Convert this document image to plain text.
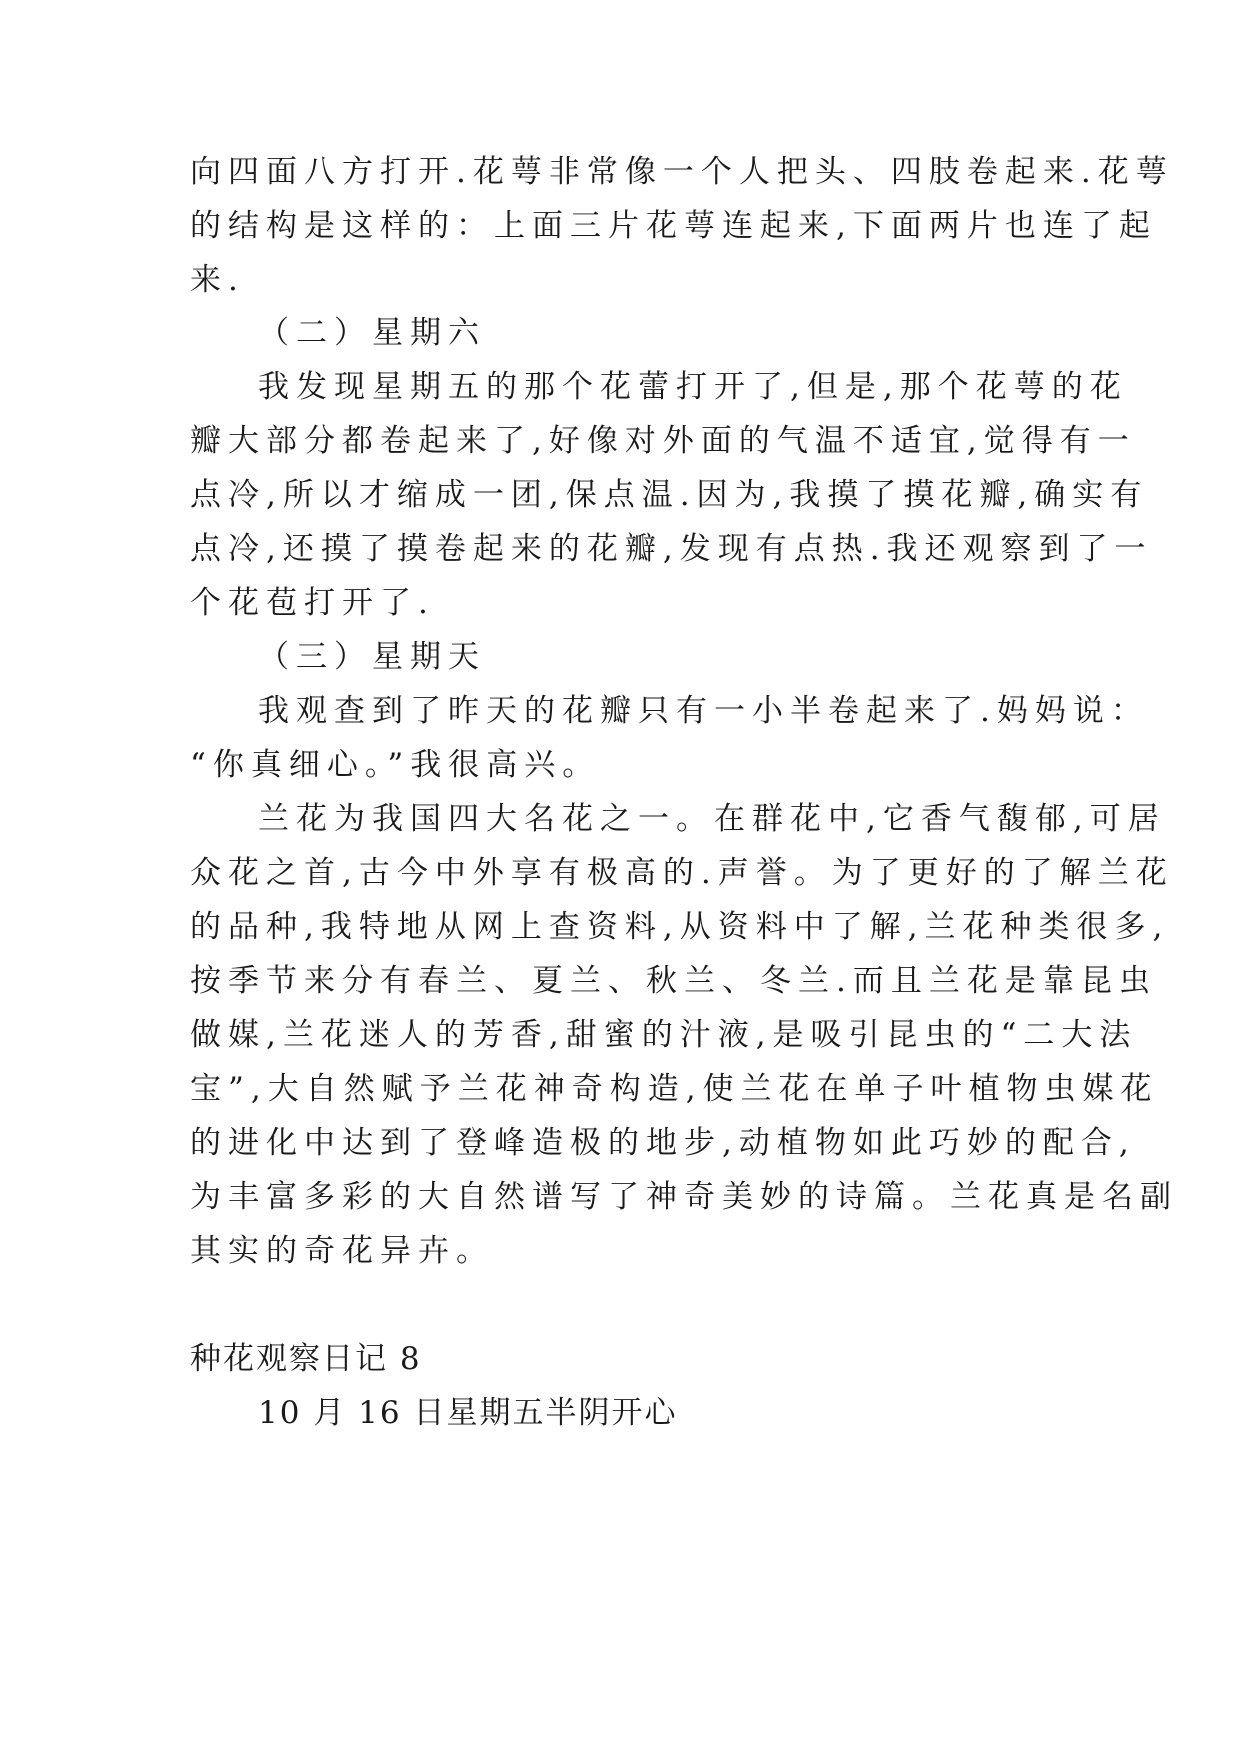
向四面八方打开.花萼非常像一个人把头、四肢卷起来.花萼
的结构是这样的：上面三片花萼连起来,下面两片也连了起
来.
（二）星期六
我发现星期五的那个花蕾打开了,但是,那个花萼的花
瓣大部分都卷起来了,好像对外面的气温不适宜,觉得有一
点冷,所以才缩成一团,保点温.因为,我摸了摸花瓣,确实有
点冷,还摸了摸卷起来的花瓣,发现有点热.我还观察到了一
个花苞打开了.
（三）星期天
我观查到了昨天的花瓣只有一小半卷起来了.妈妈说：
“你真细心。”我很高兴。
兰花为我国四大名花之一。在群花中,它香气馥郁,可居
众花之首,古今中外享有极高的.声誉。为了更好的了解兰花
的品种,我特地从网上查资料,从资料中了解,兰花种类很多,
按季节来分有春兰、夏兰、秋兰、冬兰.而且兰花是靠昆虫
做媒,兰花迷人的芳香,甜蜜的汁液,是吸引昆虫的“二大法
宝”,大自然赋予兰花神奇构造,使兰花在单子叶植物虫媒花
的进化中达到了登峰造极的地步,动植物如此巧妙的配合,
为丰富多彩的大自然谱写了神奇美妙的诗篇。兰花真是名副
其实的奇花异卉。
种花观察日记 8
10 月 16 日星期五半阴开心
